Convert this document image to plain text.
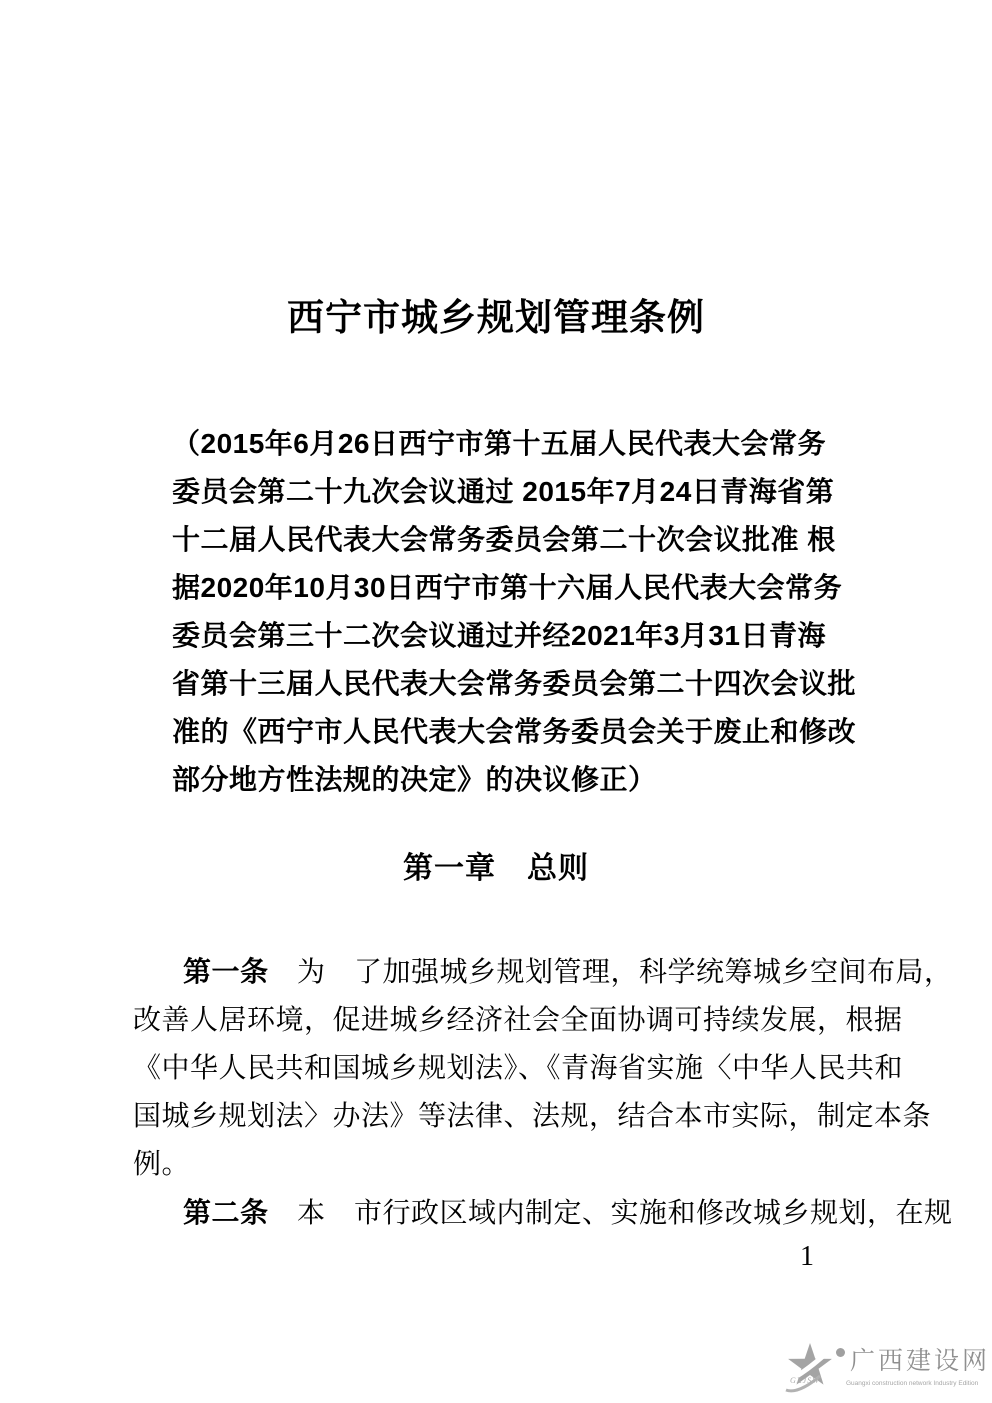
西宁市城乡规划管理条例
（2015年6月26日西宁市第十五届人民代表大会常务
委员会第二十九次会议通过 2015年7月24日青海省第
十二届人民代表大会常务委员会第二十次会议批准 根
据2020年10月30日西宁市第十六届人民代表大会常务
委员会第三十二次会议通过并经2021年3月31日青海
省第十三届人民代表大会常务委员会第二十四次会议批
准的《西宁市人民代表大会常务委员会关于废止和修改
部分地方性法规的决定》的决议修正）
第一章　总则
第一条　为　了加强城乡规划管理，科学统筹城乡空间布局，
改善人居环境，促进城乡经济社会全面协调可持续发展，根据
《中华人民共和国城乡规划法》、《青海省实施〈中华人民共和
国城乡规划法〉办法》等法律、法规，结合本市实际，制定本条
例。
第二条　本　市行政区域内制定、实施和修改城乡规划，在规
1
GXJSW
广西建设网
Guangxi construction network Industry Edition
